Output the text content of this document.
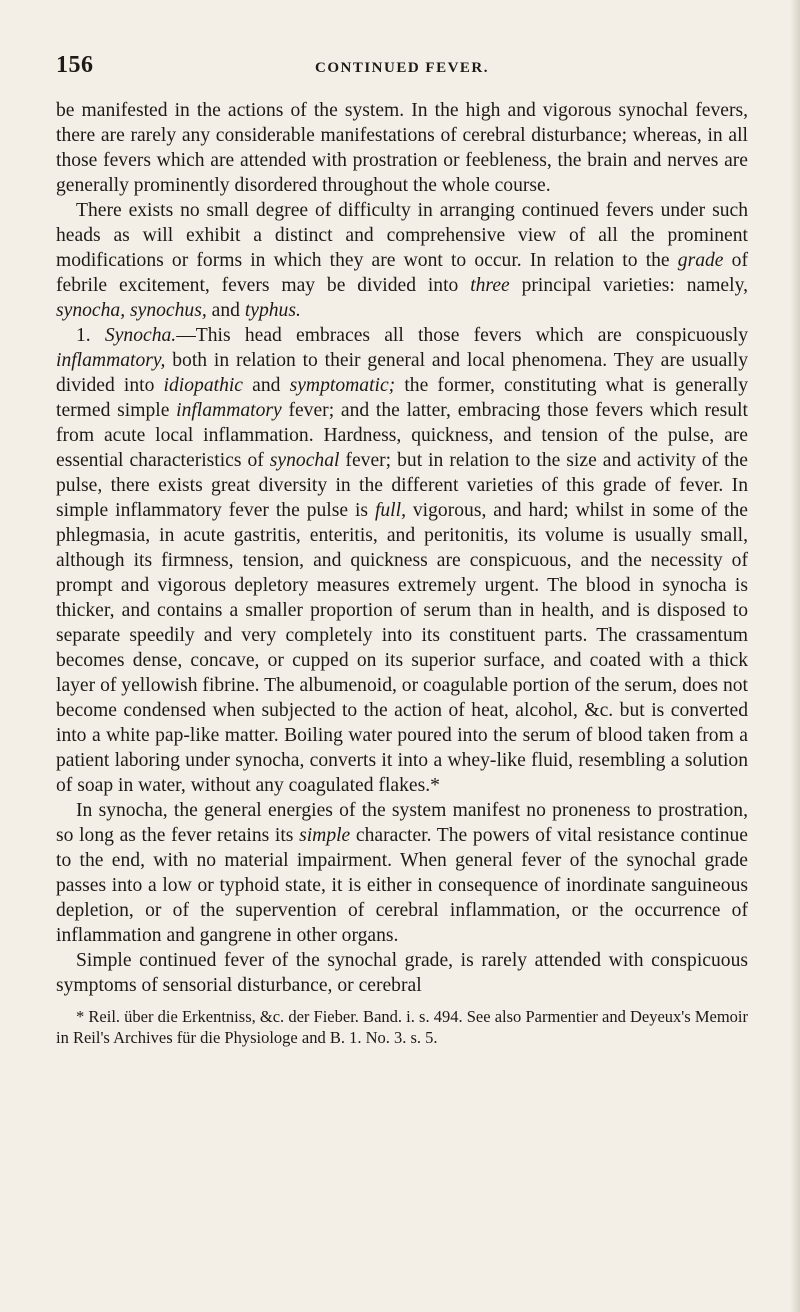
156	CONTINUED FEVER.

be manifested in the actions of the system. In the high and vigorous synochal fevers, there are rarely any considerable manifestations of cerebral disturbance; whereas, in all those fevers which are attended with prostration or feebleness, the brain and nerves are generally prominently disordered throughout the whole course.

There exists no small degree of difficulty in arranging continued fevers under such heads as will exhibit a distinct and comprehensive view of all the prominent modifications or forms in which they are wont to occur. In relation to the grade of febrile excitement, fevers may be divided into three principal varieties: namely, synocha, synochus, and typhus.

1. Synocha.—This head embraces all those fevers which are conspicuously inflammatory, both in relation to their general and local phenomena. They are usually divided into idiopathic and symptomatic; the former, constituting what is generally termed simple inflammatory fever; and the latter, embracing those fevers which result from acute local inflammation. Hardness, quickness, and tension of the pulse, are essential characteristics of synochal fever; but in relation to the size and activity of the pulse, there exists great diversity in the different varieties of this grade of fever. In simple inflammatory fever the pulse is full, vigorous, and hard; whilst in some of the phlegmasia, in acute gastritis, enteritis, and peritonitis, its volume is usually small, although its firmness, tension, and quickness are conspicuous, and the necessity of prompt and vigorous depletory measures extremely urgent. The blood in synocha is thicker, and contains a smaller proportion of serum than in health, and is disposed to separate speedily and very completely into its constituent parts. The crassamentum becomes dense, concave, or cupped on its superior surface, and coated with a thick layer of yellowish fibrine. The albumenoid, or coagulable portion of the serum, does not become condensed when subjected to the action of heat, alcohol, &c. but is converted into a white pap-like matter. Boiling water poured into the serum of blood taken from a patient laboring under synocha, converts it into a whey-like fluid, resembling a solution of soap in water, without any coagulated flakes.*

In synocha, the general energies of the system manifest no proneness to prostration, so long as the fever retains its simple character. The powers of vital resistance continue to the end, with no material impairment. When general fever of the synochal grade passes into a low or typhoid state, it is either in consequence of inordinate sanguineous depletion, or of the supervention of cerebral inflammation, or the occurrence of inflammation and gangrene in other organs.

Simple continued fever of the synochal grade, is rarely attended with conspicuous symptoms of sensorial disturbance, or cerebral

* Reil. über die Erkentniss, &c. der Fieber. Band. i. s. 494. See also Parmentier and Deyeux's Memoir in Reil's Archives für die Physiologe and B. 1. No. 3. s. 5.
